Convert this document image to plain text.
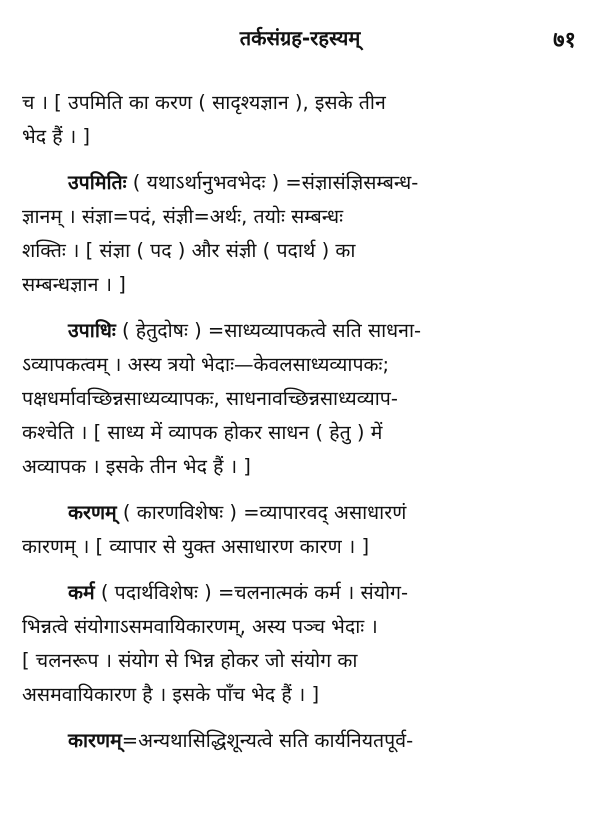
तर्कसंग्रह-रहस्यम्	७१
च । [ उपमिति का करण ( सादृश्यज्ञान ), इसके तीन
भेद हैं । ]
उपमितिः ( यथाऽर्थानुभवभेदः ) =संज्ञासंज्ञिसम्बन्ध-
ज्ञानम् । संज्ञा=पदं, संज्ञी=अर्थः, तयोः सम्बन्धः
शक्तिः । [ संज्ञा ( पद ) और संज्ञी ( पदार्थ ) का
सम्बन्धज्ञान । ]
उपाधिः ( हेतुदोषः ) =साध्यव्यापकत्वे सति साधना-
ऽव्यापकत्वम् । अस्य त्रयो भेदाः—केवलसाध्यव्यापकः;
पक्षधर्मावच्छिन्नसाध्यव्यापकः, साधनावच्छिन्नसाध्यव्याप-
कश्चेति । [ साध्य में व्यापक होकर साधन ( हेतु ) में
अव्यापक । इसके तीन भेद हैं । ]
करणम् ( कारणविशेषः ) =व्यापारवद् असाधारणं
कारणम् । [ व्यापार से युक्त असाधारण कारण । ]
कर्म ( पदार्थविशेषः ) =चलनात्मकं कर्म । संयोग-
भिन्नत्वे संयोगाऽसमवायिकारणम्, अस्य पञ्च भेदाः ।
[ चलनरूप । संयोग से भिन्न होकर जो संयोग का
असमवायिकारण है । इसके पाँच भेद हैं । ]
कारणम्=अन्यथासिद्धिशून्यत्वे सति कार्यनियतपूर्व-
